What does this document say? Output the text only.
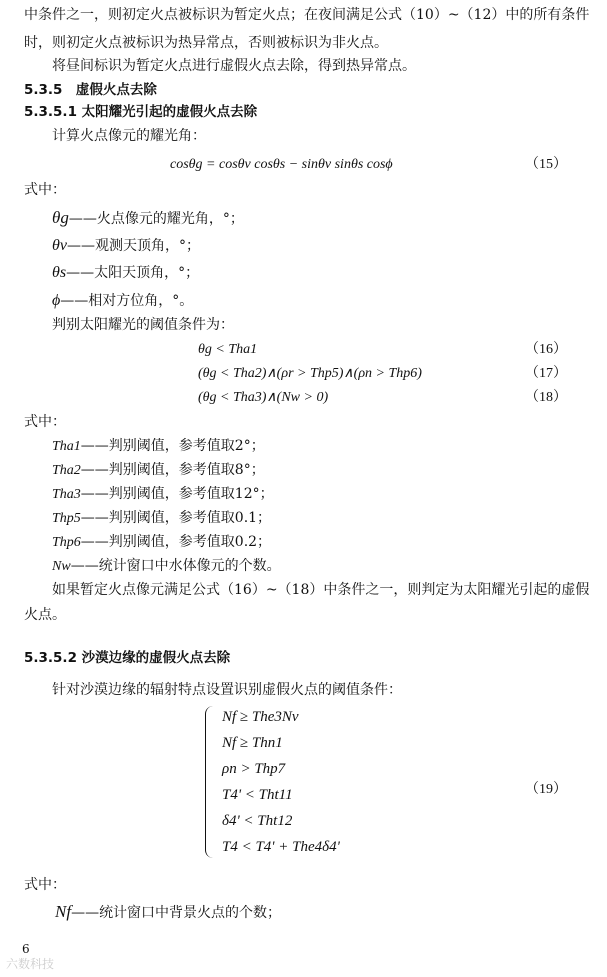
中条件之一，则初定火点被标识为暂定火点；在夜间满足公式（10）~（12）中的所有条件
时，则初定火点被标识为热异常点，否则被标识为非火点。
将昼间标识为暂定火点进行虚假火点去除，得到热异常点。
5.3.5　虚假火点去除
5.3.5.1 太阳耀光引起的虚假火点去除
计算火点像元的耀光角：
cosθg = cosθv cosθs − sinθv sinθs cosϕ	（15）
式中：
θg——火点像元的耀光角，°；
θv——观测天顶角，°；
θs——太阳天顶角，°；
ϕ——相对方位角，°。
判别太阳耀光的阈值条件为：
θg < Tha1	（16）
(θg < Tha2)∧(ρr > Thp5)∧(ρn > Thp6)	（17）
(θg < Tha3)∧(Nw > 0)	（18）
式中：
Tha1——判别阈值，参考值取2°；
Tha2——判别阈值，参考值取8°；
Tha3——判别阈值，参考值取12°；
Thp5——判别阈值，参考值取0.1；
Thp6——判别阈值，参考值取0.2；
Nw——统计窗口中水体像元的个数。
如果暂定火点像元满足公式（16）~（18）中条件之一，则判定为太阳耀光引起的虚假
火点。
5.3.5.2 沙漠边缘的虚假火点去除
针对沙漠边缘的辐射特点设置识别虚假火点的阈值条件：
Nf ≥ The3Nv
Nf ≥ Thn1
ρn > Thp7
T4' < Tht11
δ4' < Tht12
T4 < T4' + The4δ4'
（19）
式中：
Nf——统计窗口中背景火点的个数；
6
六数科技
